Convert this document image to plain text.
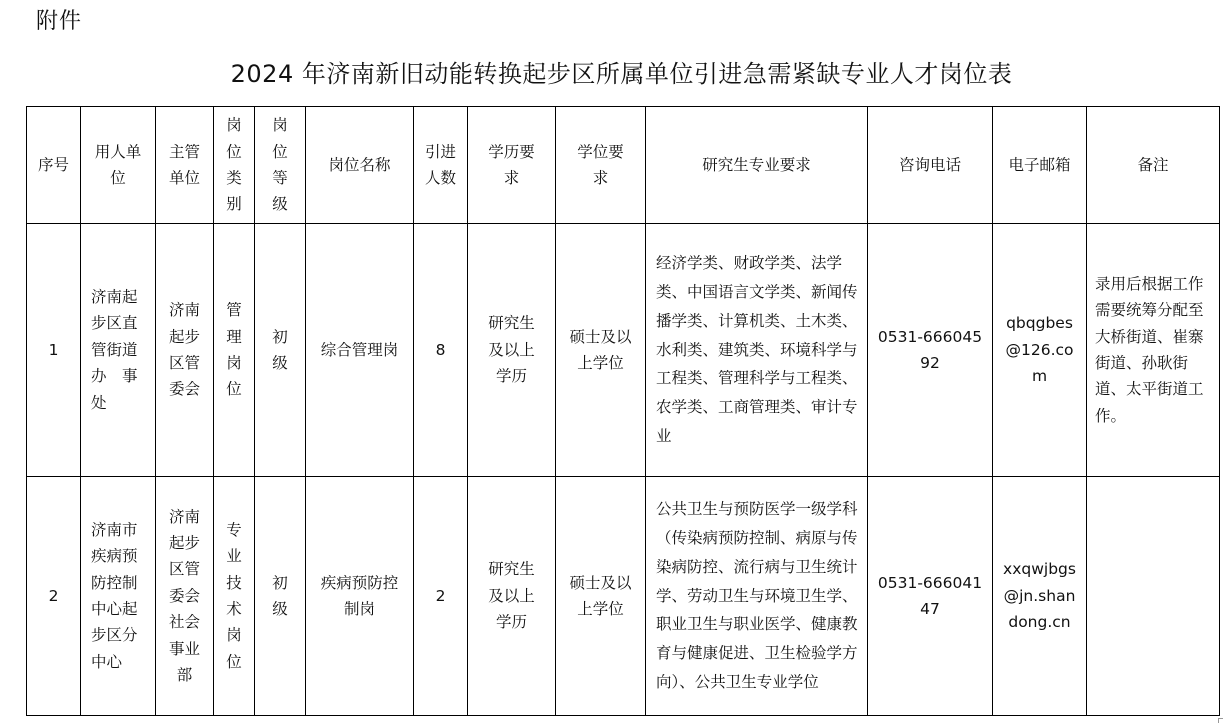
附件
2024 年济南新旧动能转换起步区所属单位引进急需紧缺专业人才岗位表
序号	用人单位	主管单位	岗位类别	岗位等级	岗位名称	引进人数	学历要求	学位要求	研究生专业要求	咨询电话	电子邮箱	备注
1	济南起步区直管街道办　事处	济南起步区管委会	管理岗位	初级	综合管理岗	8	研究生及以上学历	硕士及以上学位	经济学类、财政学类、法学类、中国语言文学类、新闻传播学类、计算机类、土木类、水利类、建筑类、环境科学与工程类、管理科学与工程类、农学类、工商管理类、审计专业	0531-66604592	qbqgbes@126.com	录用后根据工作需要统筹分配至大桥街道、崔寨街道、孙耿街道、太平街道工作。
2	济南市疾病预防控制中心起步区分中心	济南起步区管委会社会事业部	专业技术岗位	初级	疾病预防控制岗	2	研究生及以上学历	硕士及以上学位	公共卫生与预防医学一级学科（传染病预防控制、病原与传染病防控、流行病与卫生统计学、劳动卫生与环境卫生学、职业卫生与职业医学、健康教育与健康促进、卫生检验学方向）、公共卫生专业学位	0531-66604147	xxqwjbgs@jn.shandong.cn	
